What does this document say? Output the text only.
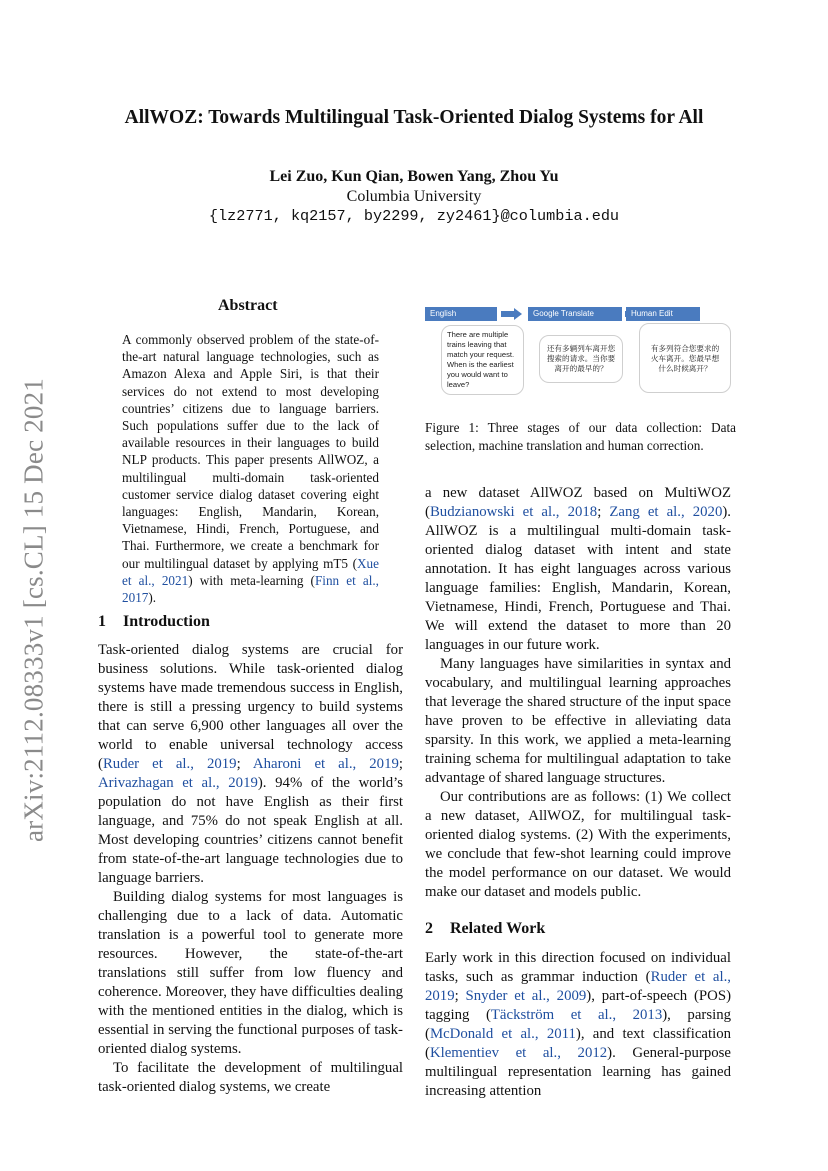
arXiv:2112.08333v1 [cs.CL] 15 Dec 2021
AllWOZ: Towards Multilingual Task-Oriented Dialog Systems for All
Lei Zuo, Kun Qian, Bowen Yang, Zhou Yu
Columbia University
{lz2771, kq2157, by2299, zy2461}@columbia.edu
Abstract
A commonly observed problem of the state-of-the-art natural language technologies, such as Amazon Alexa and Apple Siri, is that their services do not extend to most developing countries’ citizens due to language barriers. Such populations suffer due to the lack of available resources in their languages to build NLP products. This paper presents AllWOZ, a multilingual multi-domain task-oriented customer service dialog dataset covering eight languages: English, Mandarin, Korean, Vietnamese, Hindi, French, Portuguese, and Thai. Furthermore, we create a benchmark for our multilingual dataset by applying mT5 (Xue et al., 2021) with meta-learning (Finn et al., 2017).
1 Introduction

Task-oriented dialog systems are crucial for business solutions. While task-oriented dialog systems have made tremendous success in English, there is still a pressing urgency to build systems that can serve 6,900 other languages all over the world to enable universal technology access (Ruder et al., 2019; Aharoni et al., 2019; Arivazhagan et al., 2019). 94% of the world’s population do not have English as their first language, and 75% do not speak English at all. Most developing countries’ citizens cannot benefit from state-of-the-art language technologies due to language barriers.

Building dialog systems for most languages is challenging due to a lack of data. Automatic translation is a powerful tool to generate more resources. However, the state-of-the-art translations still suffer from low fluency and coherence. Moreover, they have difficulties dealing with the mentioned entities in the dialog, which is essential in serving the functional purposes of task-oriented dialog systems.

To facilitate the development of multilingual task-oriented dialog systems, we create

English	Google Translate	Human Edit
There are multiple trains leaving that match your request. When is the earliest you would want to leave?
还有多辆列车离开您搜索的请求。当你要离开的最早的？
有多列符合您要求的火车离开。您最早想什么时候离开？
Figure 1: Three stages of our data collection: Data selection, machine translation and human correction.

a new dataset AllWOZ based on MultiWOZ (Budzianowski et al., 2018; Zang et al., 2020). AllWOZ is a multilingual multi-domain task-oriented dialog dataset with intent and state annotation. It has eight languages across various language families: English, Mandarin, Korean, Vietnamese, Hindi, French, Portuguese and Thai. We will extend the dataset to more than 20 languages in our future work.

Many languages have similarities in syntax and vocabulary, and multilingual learning approaches that leverage the shared structure of the input space have proven to be effective in alleviating data sparsity. In this work, we applied a meta-learning training schema for multilingual adaptation to take advantage of shared language structures.

Our contributions are as follows: (1) We collect a new dataset, AllWOZ, for multilingual task-oriented dialog systems. (2) With the experiments, we conclude that few-shot learning could improve the model performance on our dataset. We would make our dataset and models public.

2 Related Work

Early work in this direction focused on individual tasks, such as grammar induction (Ruder et al., 2019; Snyder et al., 2009), part-of-speech (POS) tagging (Täckström et al., 2013), parsing (McDonald et al., 2011), and text classification (Klementiev et al., 2012). General-purpose multilingual representation learning has gained increasing attention
